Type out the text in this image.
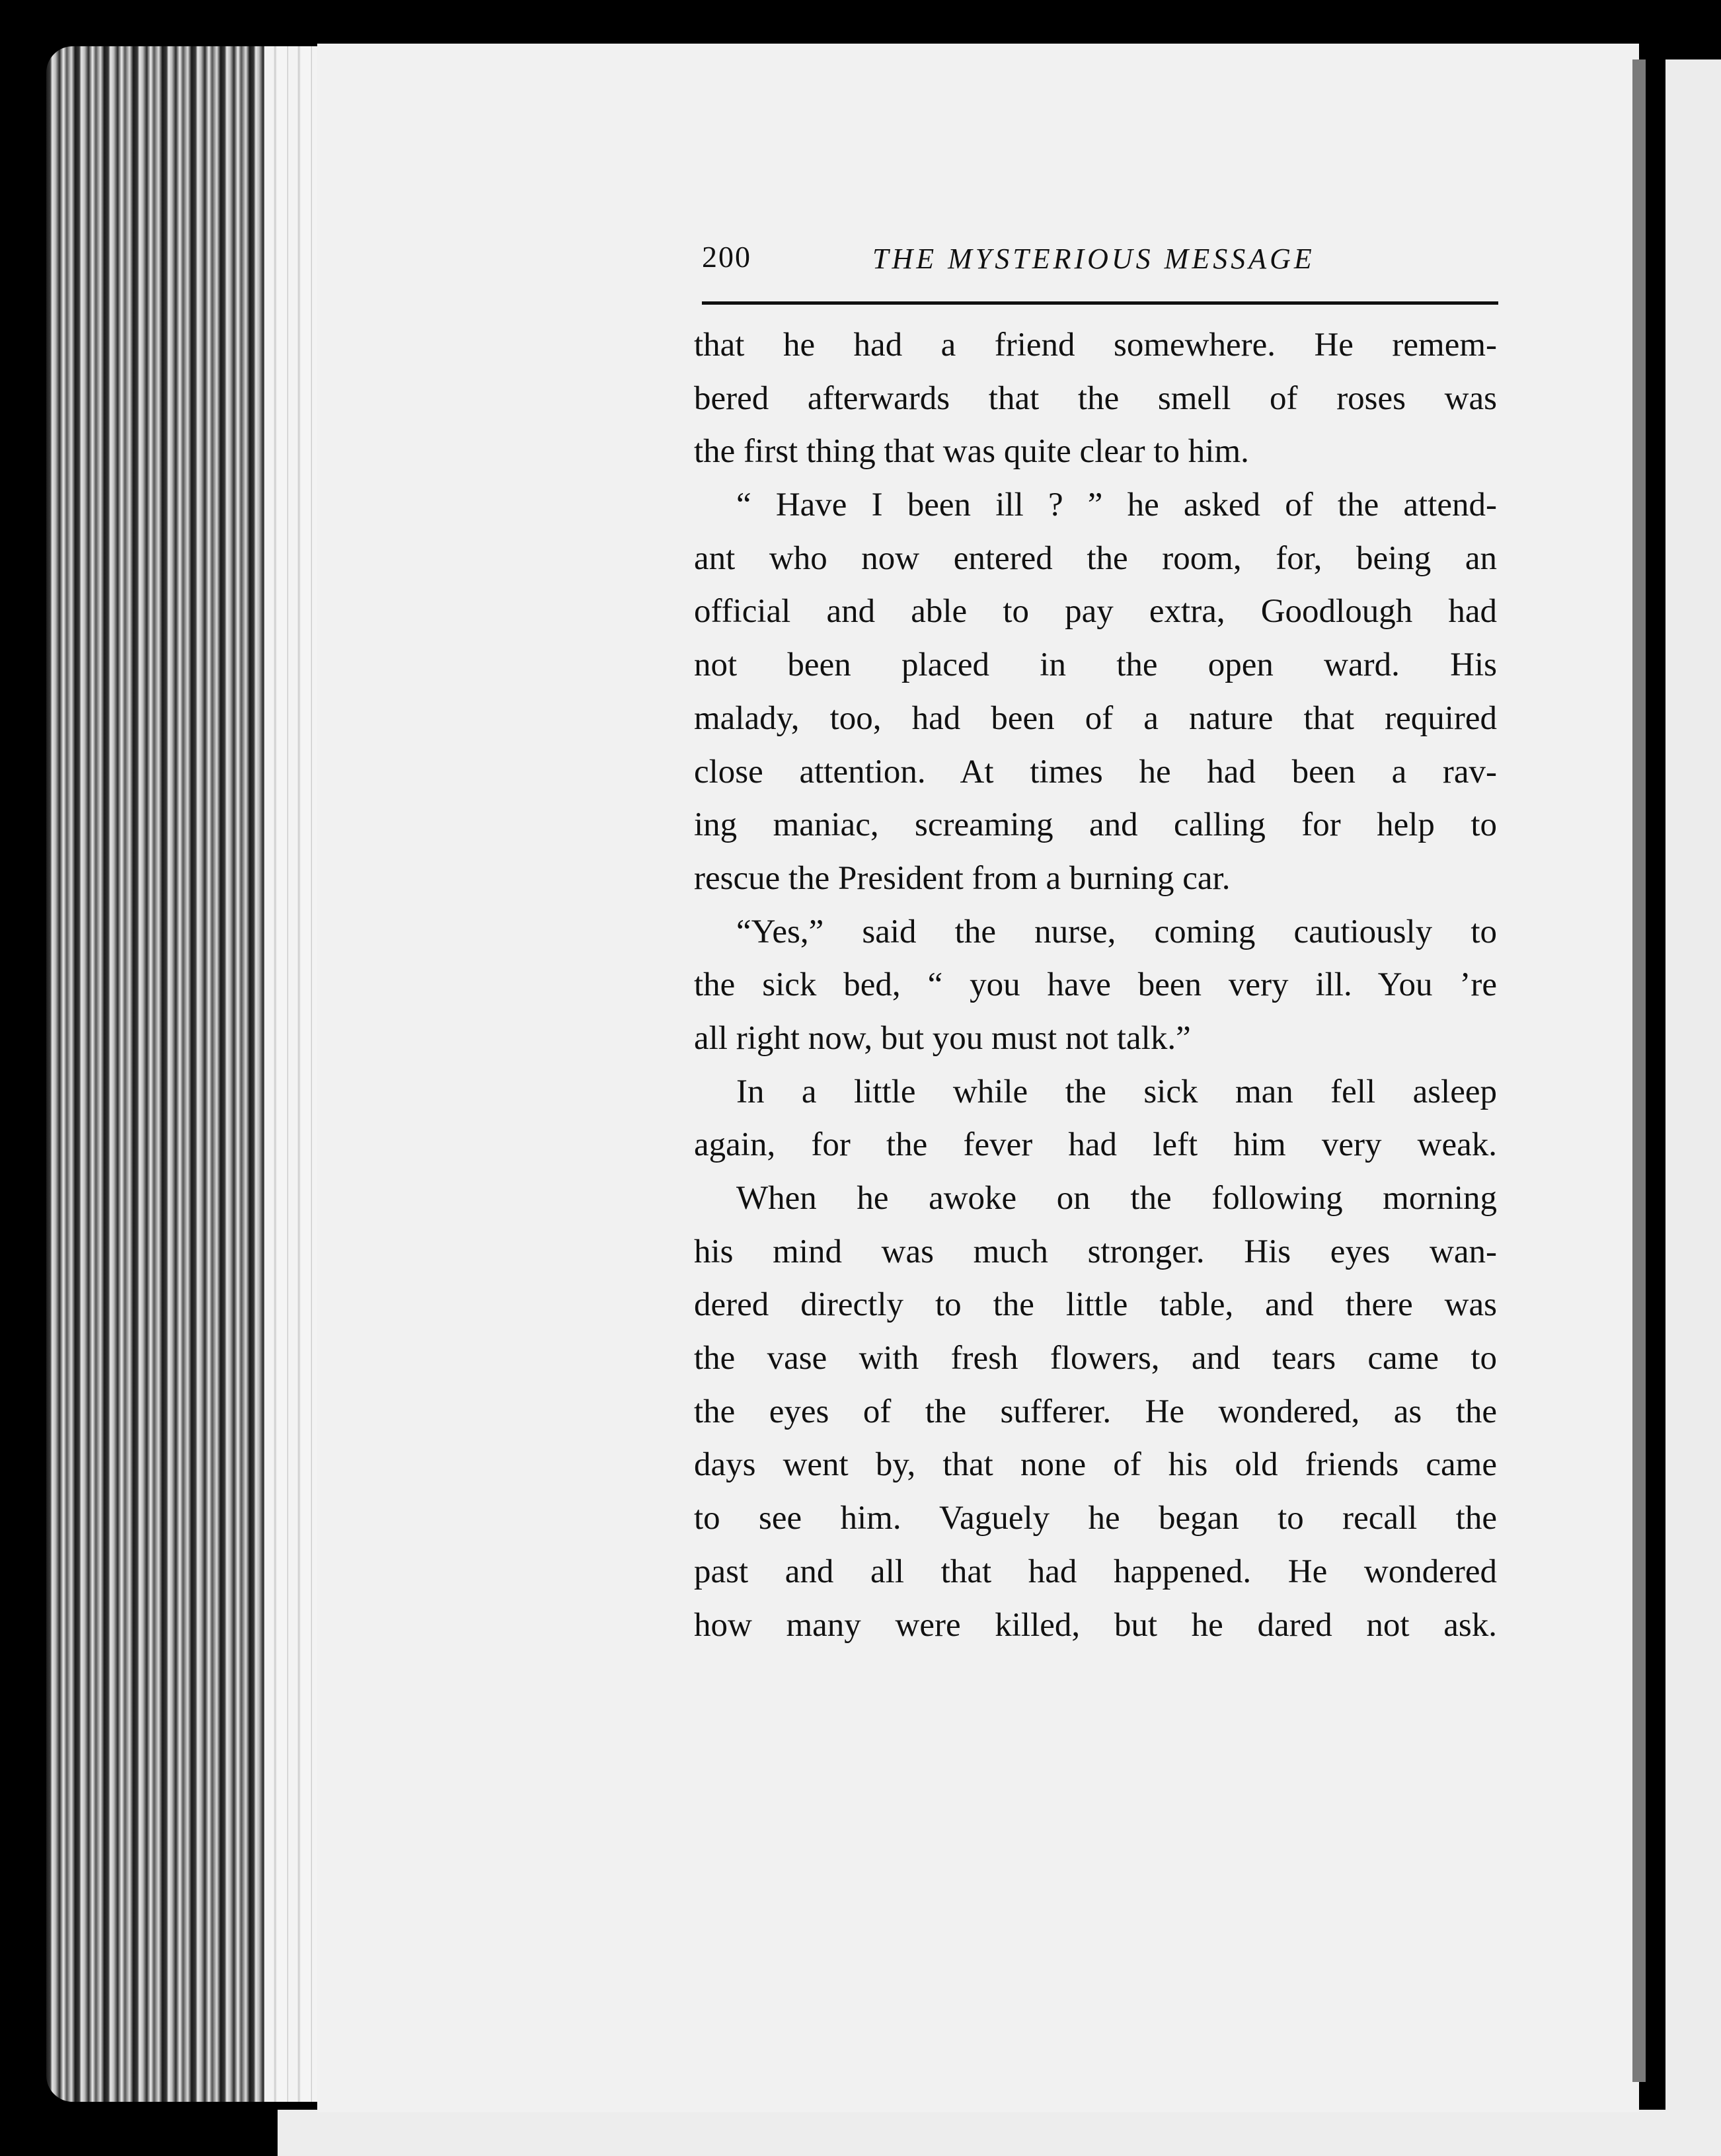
200	THE MYSTERIOUS MESSAGE
that he had a friend somewhere. He remem-
bered afterwards that the smell of roses was
the first thing that was quite clear to him.
“ Have I been ill ? ” he asked of the attend-
ant who now entered the room, for, being an
official and able to pay extra, Goodlough had
not been placed in the open ward. His
malady, too, had been of a nature that required
close attention. At times he had been a rav-
ing maniac, screaming and calling for help to
rescue the President from a burning car.
“Yes,” said the nurse, coming cautiously to
the sick bed, “ you have been very ill. You ’re
all right now, but you must not talk.”
In a little while the sick man fell asleep
again, for the fever had left him very weak.
When he awoke on the following morning
his mind was much stronger. His eyes wan-
dered directly to the little table, and there was
the vase with fresh flowers, and tears came to
the eyes of the sufferer. He wondered, as the
days went by, that none of his old friends came
to see him. Vaguely he began to recall the
past and all that had happened. He wondered
how many were killed, but he dared not ask.
